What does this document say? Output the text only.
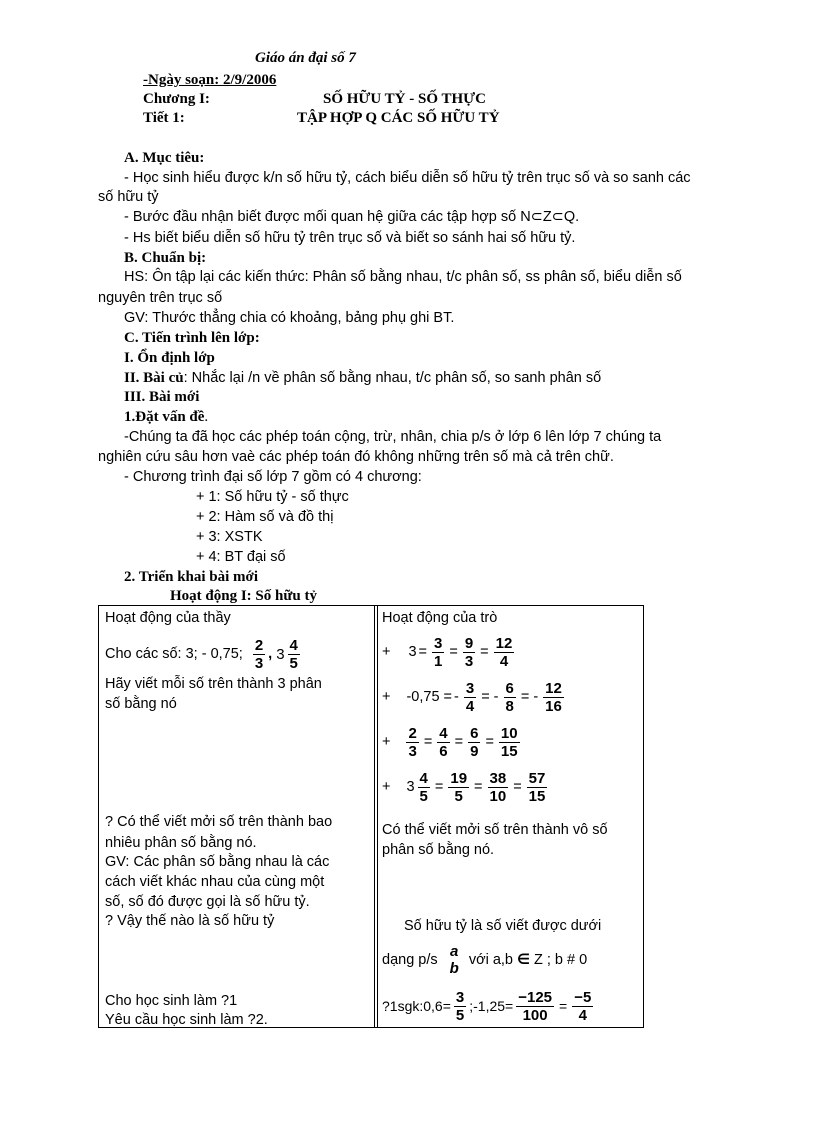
Giáo án đại số 7
-Ngày soạn: 2/9/2006
Chương I:	SỐ HỮU TỶ - SỐ THỰC
Tiết 1:	TẬP HỢP Q CÁC SỐ HỮU TỶ
A. Mục tiêu:
- Học sinh hiểu được k/n số hữu tỷ, cách biểu diễn số hữu tỷ trên trục số và so sanh các
số hữu tỷ
- Bước đầu nhận biết được mối quan hệ giữa các tập hợp số N⊂Z⊂Q.
- Hs biết biểu diễn số hữu tỷ trên trục số và biết so sánh hai số hữu tỷ.
B. Chuẩn bị:
HS: Ôn tập lại các kiến thức: Phân số bằng nhau, t/c phân số, ss phân số, biểu diễn số
nguyên trên trục số
GV: Thước thẳng chia có khoảng, bảng phụ ghi BT.
C. Tiến trình lên lớp:
I. Ổn định lớp
II. Bài củ: Nhắc lại /n về phân số bằng nhau, t/c phân số, so sanh phân số
III. Bài mới
1.Đặt vấn đề.
-Chúng ta đã học các phép toán cộng, trừ, nhân, chia p/s ở lớp 6 lên lớp 7 chúng ta
nghiên cứu sâu hơn vaè các phép toán đó không những trên số mà cả trên chữ.
- Chương trình đại số lớp 7 gồm có 4 chương:
+ 1: Số hữu tỷ - số thực
+ 2: Hàm số và đồ thị
+ 3: XSTK
+ 4: BT đại số
2. Triển khai bài mới
Hoạt động I: Số hữu tỷ
Hoạt động của thầy
Cho các số: 3; - 0,75; $\frac{2}{3}$ , $3 \frac{4}{5}$
Hãy viết mỗi số trên thành 3 phân
số bằng nó
? Có thể viết mởi số trên thành bao
nhiêu phân số bằng nó.
GV: Các phân số bằng nhau là các
cách viết khác nhau của cùng một
số, số đó được gọi là số hữu tỷ.
? Vậy thế nào là số hữu tỷ
Cho học sinh làm ?1
Yêu cầu học sinh làm ?2.
Hoạt động của trò
+ $3 = \frac{3}{1} = \frac{9}{3} = \frac{12}{4}$
+ -0,75 = - $\frac{3}{4}$ = - $\frac{6}{8}$ = - $\frac{12}{16}$
+ $\frac{2}{3} = \frac{4}{6} = \frac{6}{9} = \frac{10}{15}$
+ $3 \frac{4}{5} = \frac{19}{5} = \frac{38}{10} = \frac{57}{15}$
Có thể viết mởi số trên thành vô số
phân số bằng nó.
Số hữu tỷ là số viết được dưới
dạng p/s a
b với a,b ∈ Z ; b # 0
?1sgk:0,6= $\frac{3}{5}$ ;-1,25= $\frac{-125}{100} = \frac{-5}{4}$
